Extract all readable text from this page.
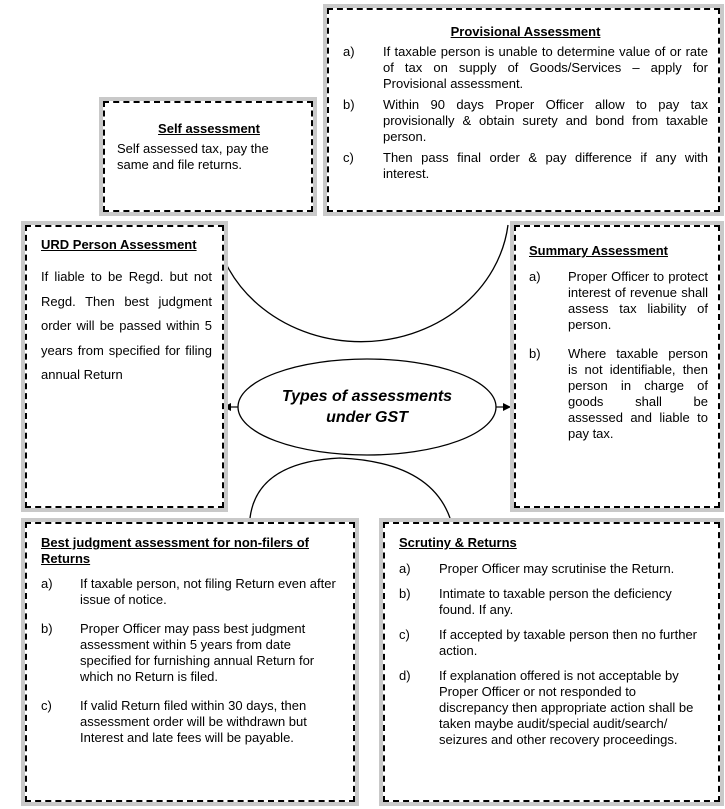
Types of assessments
under GST
Provisional Assessment
a)	If taxable person is unable to determine value of or rate of tax on supply of Goods/Services – apply for Provisional assessment.
b)	Within 90 days Proper Officer allow to pay tax provisionally & obtain surety and bond from taxable person.
c)	Then pass final order & pay difference if any with interest.
Self assessment
Self assessed tax, pay the same and file returns.
URD Person Assessment
If liable to be Regd. but not Regd. Then best judgment order will be passed within 5 years from specified for filing annual Return
Summary Assessment
a)	Proper Officer to protect interest of revenue shall assess tax liability of person.
b)	Where taxable person is not identifiable, then person in charge of goods shall be assessed and liable to pay tax.
Best judgment assessment for non-filers of Returns
a)	If taxable person, not filing Return even after issue of notice.
b)	Proper Officer may pass best judgment assessment within 5 years from date specified for furnishing annual Return for which no Return is filed.
c)	If valid Return filed within 30 days, then assessment order will be withdrawn but Interest and late fees will be payable.
Scrutiny & Returns
a)	Proper Officer may scrutinise the Return.
b)	Intimate to taxable person the deficiency found. If any.
c)	If accepted by taxable person then no further action.
d)	If explanation offered is not acceptable by Proper Officer or not responded to discrepancy then appropriate action shall be taken maybe audit/special audit/search/ seizures and other recovery proceedings.
